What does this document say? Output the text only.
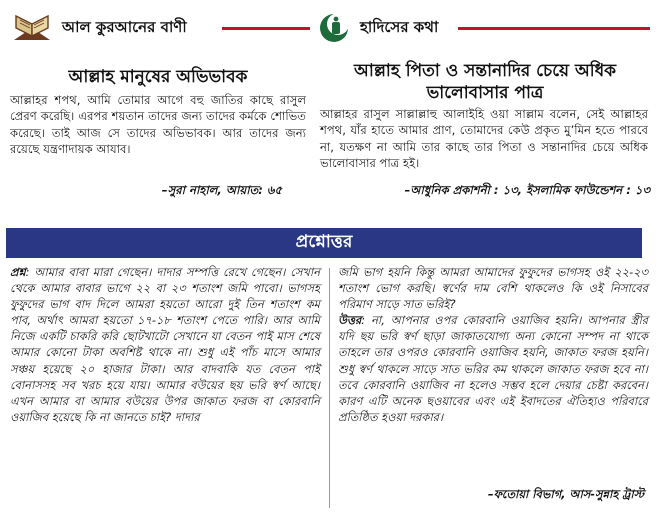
আল কুরআনের বাণী	হাদিসের কথা
আল্লাহ মানুষের অভিভাবক
আল্লাহর শপথ, আমি তোমার আগে বহু জাতির কাছে রাসুল প্রেরণ করেছি। এরপর শয়তান তাদের জন্য তাদের কর্মকে শোভিত করেছে। তাই আজ সে তাদের অভিভাবক। আর তাদের জন্য রয়েছে যন্ত্রণাদায়ক আযাব।
–সুরা নাহাল, আয়াত: ৬৫
আল্লাহ পিতা ও সন্তানাদির চেয়ে অধিক ভালোবাসার পাত্র
আল্লাহর রাসুল সাল্লাল্লাহু আলাইহি ওয়া সাল্লাম বলেন, সেই আল্লাহর শপথ, যাঁর হাতে আমার প্রাণ, তোমাদের কেউ প্রকৃত মু’মিন হতে পারবে না, যতক্ষণ না আমি তার কাছে তার পিতা ও সন্তানাদির চেয়ে অধিক ভালোবাসার পাত্র হই।
–আধুনিক প্রকাশনী : ১৩, ইসলামিক ফাউন্ডেশন : ১৩
প্রশ্নোত্তর
প্রশ্ন: আমার বাবা মারা গেছেন। দাদার সম্পত্তি রেখে গেছেন। সেখান থেকে আমার বাবার ভাগে ২২ বা ২৩ শতাংশ জমি পাবো। ভাগসহ ফুফুদের ভাগ বাদ দিলে আমরা হয়তো আরো দুই তিন শতাংশ কম পাব, অর্থাৎ আমরা হয়তো ১৭-১৮ শতাংশ পেতে পারি। আর আমি নিজে একটি চাকরি করি ছোটখাটো সেখানে যা বেতন পাই মাস শেষে আমার কোনো টাকা অবশিষ্ট থাকে না। শুধু এই পাঁচ মাসে আমার সঞ্চয় হয়েছে ২০ হাজার টাকা। আর বাদবাকি যত বেতন পাই বোনাসসহ সব খরচ হয়ে যায়। আমার বউয়ের ছয় ভরি স্বর্ণ আছে। এখন আমার বা আমার বউয়ের উপর জাকাত ফরজ বা কোরবানি ওয়াজিব হয়েছে কি না জানতে চাই? দাদার
জমি ভাগ হয়নি কিন্তু আমরা আমাদের ফুফুদের ভাগসহ ওই ২২-২৩ শতাংশ ভোগ করছি। স্বর্ণের দাম বেশি থাকলেও কি ওই নিসাবের পরিমাণ সাড়ে সাত ভরিই?
উত্তর: না, আপনার ওপর কোরবানি ওয়াজিব হয়নি। আপনার স্ত্রীর যদি ছয় ভরি স্বর্ণ ছাড়া জাকাতযোগ্য অন্য কোনো সম্পদ না থাকে তাহলে তার ওপরও কোরবানি ওয়াজিব হয়নি, জাকাত ফরজ হয়নি। শুধু স্বর্ণ থাকলে সাড়ে সাত ভরির কম থাকলে জাকাত ফরজ হবে না। তবে কোরবানি ওয়াজিব না হলেও সম্ভব হলে দেয়ার চেষ্টা করবেন। কারণ এটি অনেক ছওয়াবের এবং এই ইবাদতের ঐতিহ্যও পরিবারে প্রতিষ্ঠিত হওয়া দরকার।
–ফতোয়া বিভাগ, আস-সুন্নাহ ট্রাস্ট
